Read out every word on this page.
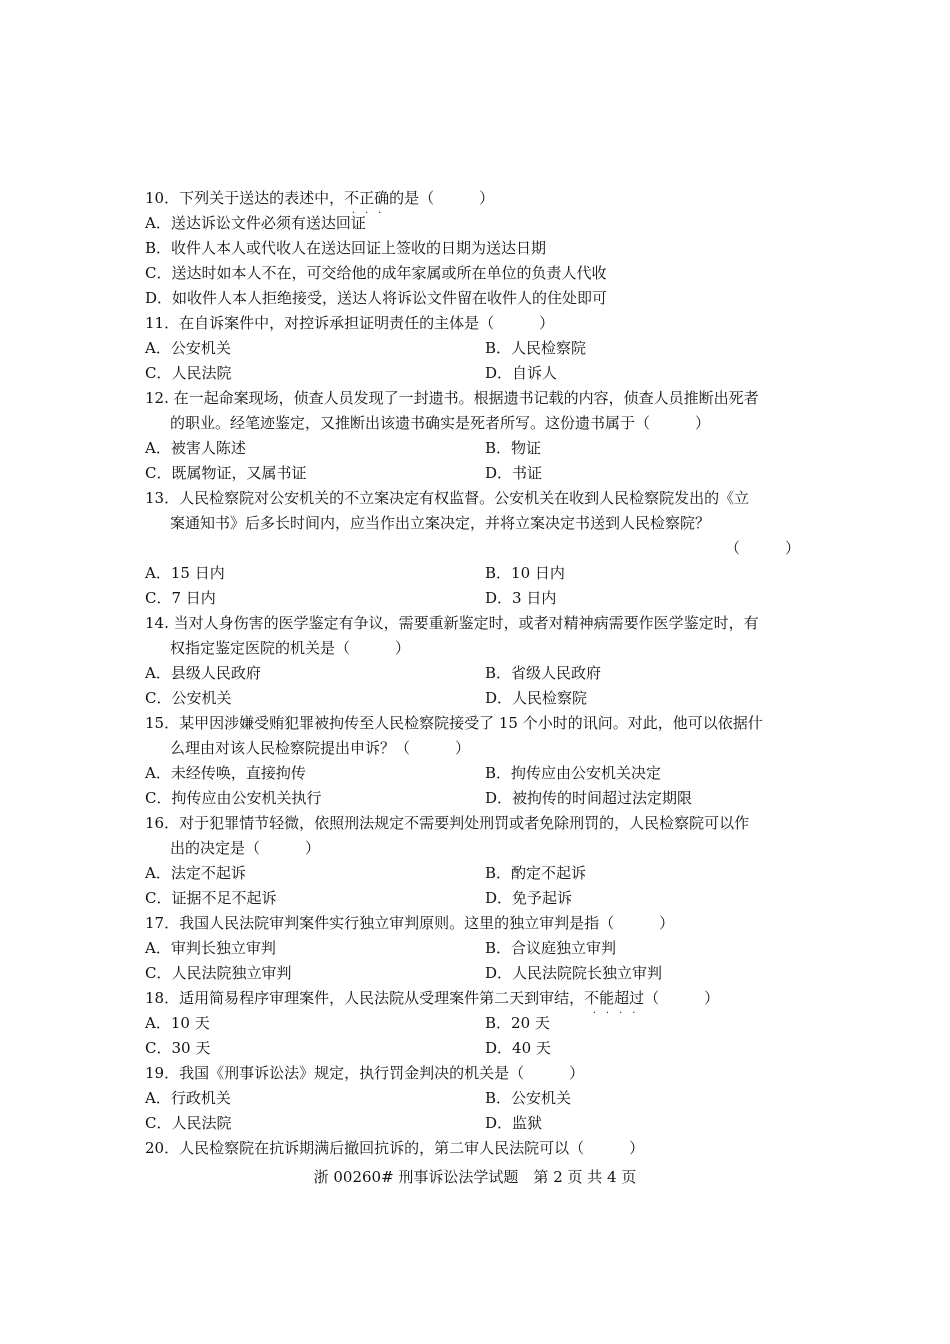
10．下列关于送达的表述中，不正确
·　·　·
的是（　　　）
A．送达诉讼文件必须有送达回证
B．收件人本人或代收人在送达回证上签收的日期为送达日期
C．送达时如本人不在，可交给他的成年家属或所在单位的负责人代收
D．如收件人本人拒绝接受，送达人将诉讼文件留在收件人的住处即可
11．在自诉案件中，对控诉承担证明责任的主体是（　　　）
A．公安机关	B．人民检察院
C．人民法院	D．自诉人
12. 在一起命案现场，侦查人员发现了一封遗书。根据遗书记载的内容，侦查人员推断出死者
的职业。经笔迹鉴定，又推断出该遗书确实是死者所写。这份遗书属于（　　　）
A．被害人陈述	B．物证
C．既属物证，又属书证	D．书证
13．人民检察院对公安机关的不立案决定有权监督。公安机关在收到人民检察院发出的《立
案通知书》后多长时间内，应当作出立案决定，并将立案决定书送到人民检察院？
（　　　）
A．15 日内	B．10 日内
C．7 日内	D．3 日内
14. 当对人身伤害的医学鉴定有争议，需要重新鉴定时，或者对精神病需要作医学鉴定时，有
权指定鉴定医院的机关是（　　　）
A．县级人民政府	B．省级人民政府
C．公安机关	D．人民检察院
15．某甲因涉嫌受贿犯罪被拘传至人民检察院接受了 15 个小时的讯问。对此，他可以依据什
么理由对该人民检察院提出申诉？（　　　）
A．未经传唤，直接拘传	B．拘传应由公安机关决定
C．拘传应由公安机关执行	D．被拘传的时间超过法定期限
16．对于犯罪情节轻微，依照刑法规定不需要判处刑罚或者免除刑罚的，人民检察院可以作
出的决定是（　　　）
A．法定不起诉	B．酌定不起诉
C．证据不足不起诉	D．免予起诉
17．我国人民法院审判案件实行独立审判原则。这里的独立审判是指（　　　）
A．审判长独立审判	B．合议庭独立审判
C．人民法院独立审判	D．人民法院院长独立审判
18．适用简易程序审理案件，人民法院从受理案件第二天到审结，不能超过
·　·　·　·
（　　　）
A．10 天	B．20 天
C．30 天	D．40 天
19．我国《刑事诉讼法》规定，执行罚金判决的机关是（　　　）
A．行政机关	B．公安机关
C．人民法院	D．监狱
20．人民检察院在抗诉期满后撤回抗诉的，第二审人民法院可以（　　　）
浙 00260# 刑事诉讼法学试题　第 2 页 共 4 页
